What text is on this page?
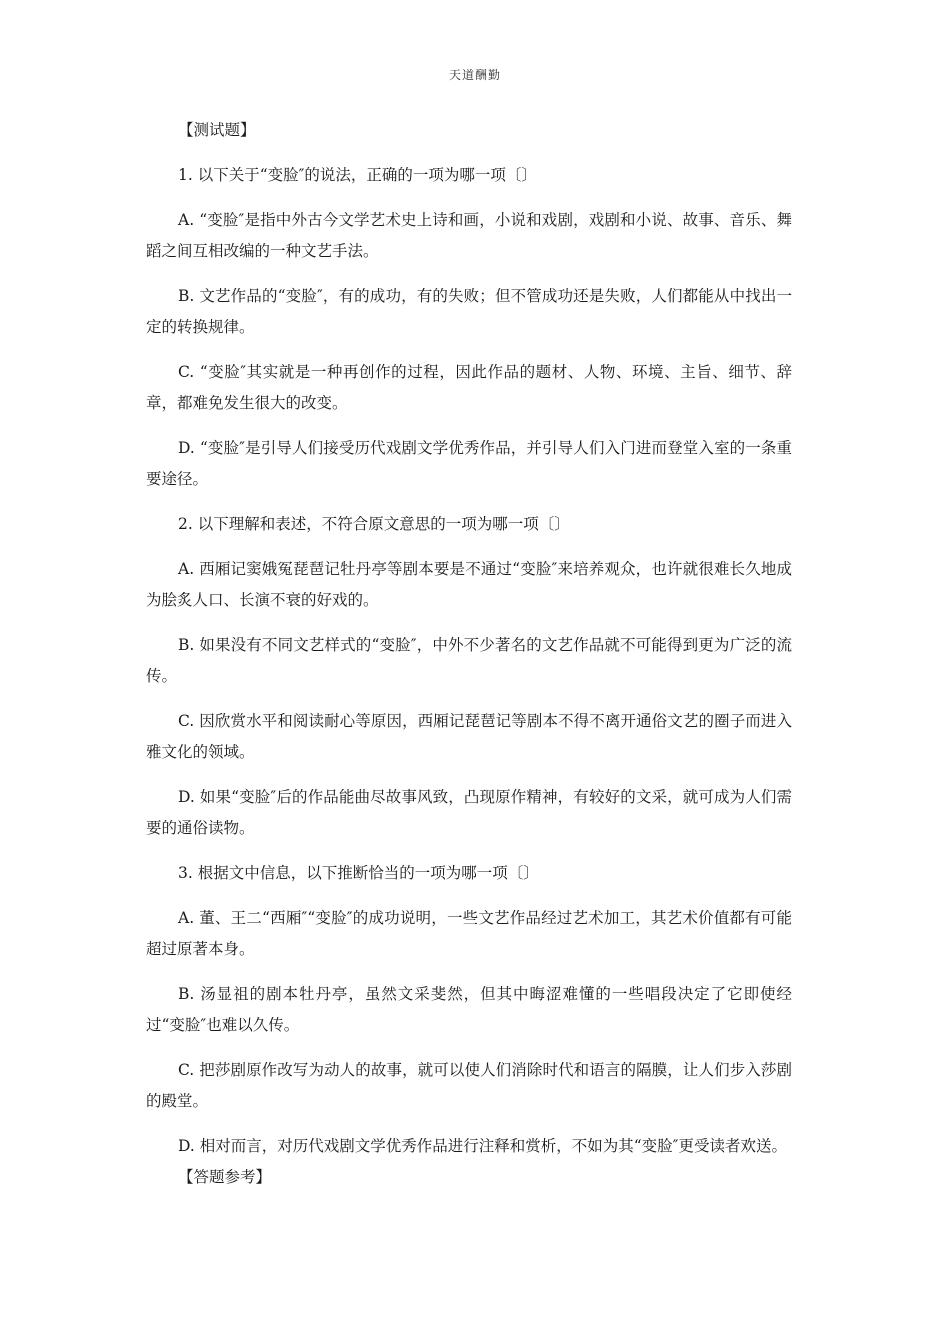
天道酬勤

【测试题】

1. 以下关于“变脸″的说法，正确的一项为哪一项〔〕

A. “变脸″是指中外古今文学艺术史上诗和画，小说和戏剧，戏剧和小说、故事、音乐、舞蹈之间互相改编的一种文艺手法。

B. 文艺作品的“变脸″，有的成功，有的失败；但不管成功还是失败，人们都能从中找出一定的转换规律。

C. “变脸″其实就是一种再创作的过程，因此作品的题材、人物、环境、主旨、细节、辞章，都难免发生很大的改变。

D. “变脸″是引导人们接受历代戏剧文学优秀作品，并引导人们入门进而登堂入室的一条重要途径。

2. 以下理解和表述，不符合原文意思的一项为哪一项〔〕

A. 西厢记窦娥冤琵琶记牡丹亭等剧本要是不通过“变脸″来培养观众，也许就很难长久地成为脍炙人口、长演不衰的好戏的。

B. 如果没有不同文艺样式的“变脸″，中外不少著名的文艺作品就不可能得到更为广泛的流传。

C. 因欣赏水平和阅读耐心等原因，西厢记琵琶记等剧本不得不离开通俗文艺的圈子而进入雅文化的领域。

D. 如果“变脸″后的作品能曲尽故事风致，凸现原作精神，有较好的文采，就可成为人们需要的通俗读物。

3. 根据文中信息，以下推断恰当的一项为哪一项〔〕

A. 董、王二“西厢″“变脸″的成功说明，一些文艺作品经过艺术加工，其艺术价值都有可能超过原著本身。

B. 汤显祖的剧本牡丹亭，虽然文采斐然，但其中晦涩难懂的一些唱段决定了它即使经过“变脸″也难以久传。

C. 把莎剧原作改写为动人的故事，就可以使人们消除时代和语言的隔膜，让人们步入莎剧的殿堂。

D. 相对而言，对历代戏剧文学优秀作品进行注释和赏析，不如为其“变脸″更受读者欢送。

【答题参考】
